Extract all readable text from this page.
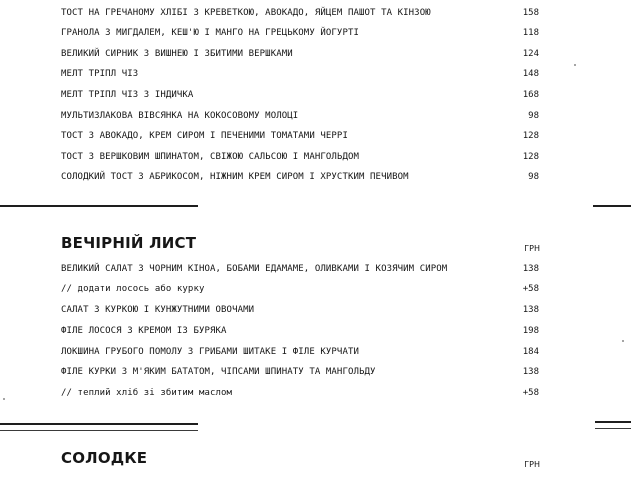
ТОСТ НА ГРЕЧАНОМУ ХЛІБІ З КРЕВЕТКОЮ, АВОКАДО, ЯЙЦЕМ ПАШОТ ТА КІНЗОЮ	158
ГРАНОЛА З МИГДАЛЕМ, КЕШ'Ю І МАНГО НА ГРЕЦЬКОМУ ЙОГУРТІ	118
ВЕЛИКИЙ СИРНИК З ВИШНЕЮ І ЗБИТИМИ ВЕРШКАМИ	124
МЕЛТ ТРІПЛ ЧІЗ	148
МЕЛТ ТРІПЛ ЧІЗ З ІНДИЧКА	168
МУЛЬТИЗЛАКОВА ВІВСЯНКА НА КОКОСОВОМУ МОЛОЦІ	98
ТОСТ З АВОКАДО, КРЕМ СИРОМ І ПЕЧЕНИМИ ТОМАТАМИ ЧЕРРІ	128
ТОСТ З ВЕРШКОВИМ ШПИНАТОМ, СВІЖОЮ САЛЬСОЮ І МАНГОЛЬДОМ	128
СОЛОДКИЙ ТОСТ З АБРИКОСОМ, НІЖНИМ КРЕМ СИРОМ І ХРУСТКИМ ПЕЧИВОМ	98
ВЕЧІРНІЙ ЛИСТ	ГРН
ВЕЛИКИЙ САЛАТ З ЧОРНИМ КІНОА, БОБАМИ ЕДАМАМЕ, ОЛИВКАМИ І КОЗЯЧИМ СИРОМ	138
// додати лосось або курку	+58
САЛАТ З КУРКОЮ І КУНЖУТНИМИ ОВОЧАМИ	138
ФІЛЕ ЛОСОСЯ З КРЕМОМ ІЗ БУРЯКА	198
ЛОКШИНА ГРУБОГО ПОМОЛУ З ГРИБАМИ ШИТАКЕ І ФІЛЕ КУРЧАТИ	184
ФІЛЕ КУРКИ З М'ЯКИМ БАТАТОМ, ЧІПСАМИ ШПИНАТУ ТА МАНГОЛЬДУ	138
// теплий хліб зі збитим маслом	+58
СОЛОДКЕ	ГРН
